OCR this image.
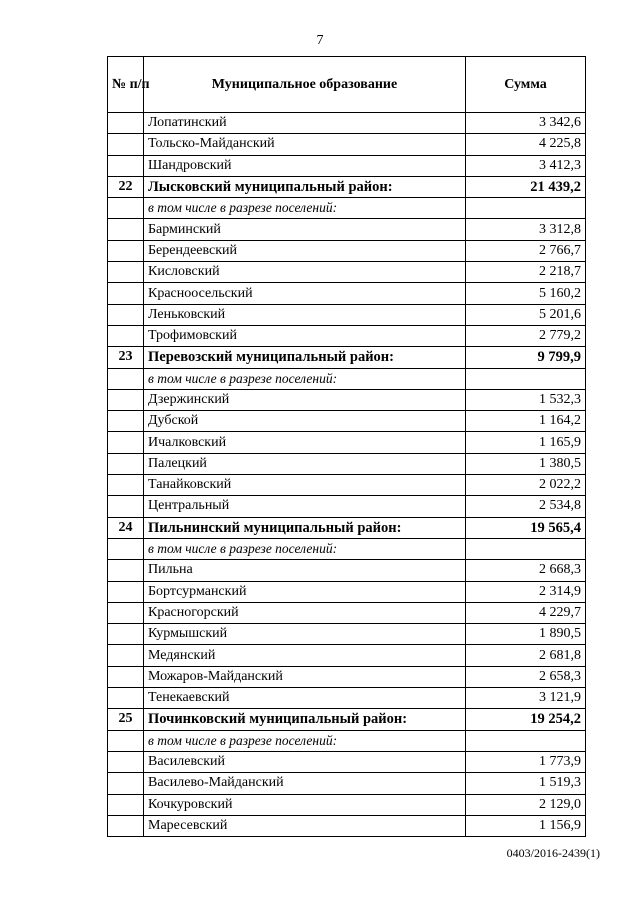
7
№ п/п	Муниципальное образование	Сумма
	Лопатинский	3 342,6
	Тольско-Майданский	4 225,8
	Шандровский	3 412,3
22	Лысковский муниципальный район:	21 439,2
	в том числе в разрезе поселений:	
	Барминский	3 312,8
	Берендеевский	2 766,7
	Кисловский	2 218,7
	Красноосельский	5 160,2
	Леньковский	5 201,6
	Трофимовский	2 779,2
23	Перевозский муниципальный район:	9 799,9
	в том числе в разрезе поселений:	
	Дзержинский	1 532,3
	Дубской	1 164,2
	Ичалковский	1 165,9
	Палецкий	1 380,5
	Танайковский	2 022,2
	Центральный	2 534,8
24	Пильнинский муниципальный район:	19 565,4
	в том числе в разрезе поселений:	
	Пильна	2 668,3
	Бортсурманский	2 314,9
	Красногорский	4 229,7
	Курмышский	1 890,5
	Медянский	2 681,8
	Можаров-Майданский	2 658,3
	Тенекаевский	3 121,9
25	Починковский муниципальный район:	19 254,2
	в том числе в разрезе поселений:	
	Василевский	1 773,9
	Василево-Майданский	1 519,3
	Кочкуровский	2 129,0
	Маресевский	1 156,9
0403/2016-2439(1)
